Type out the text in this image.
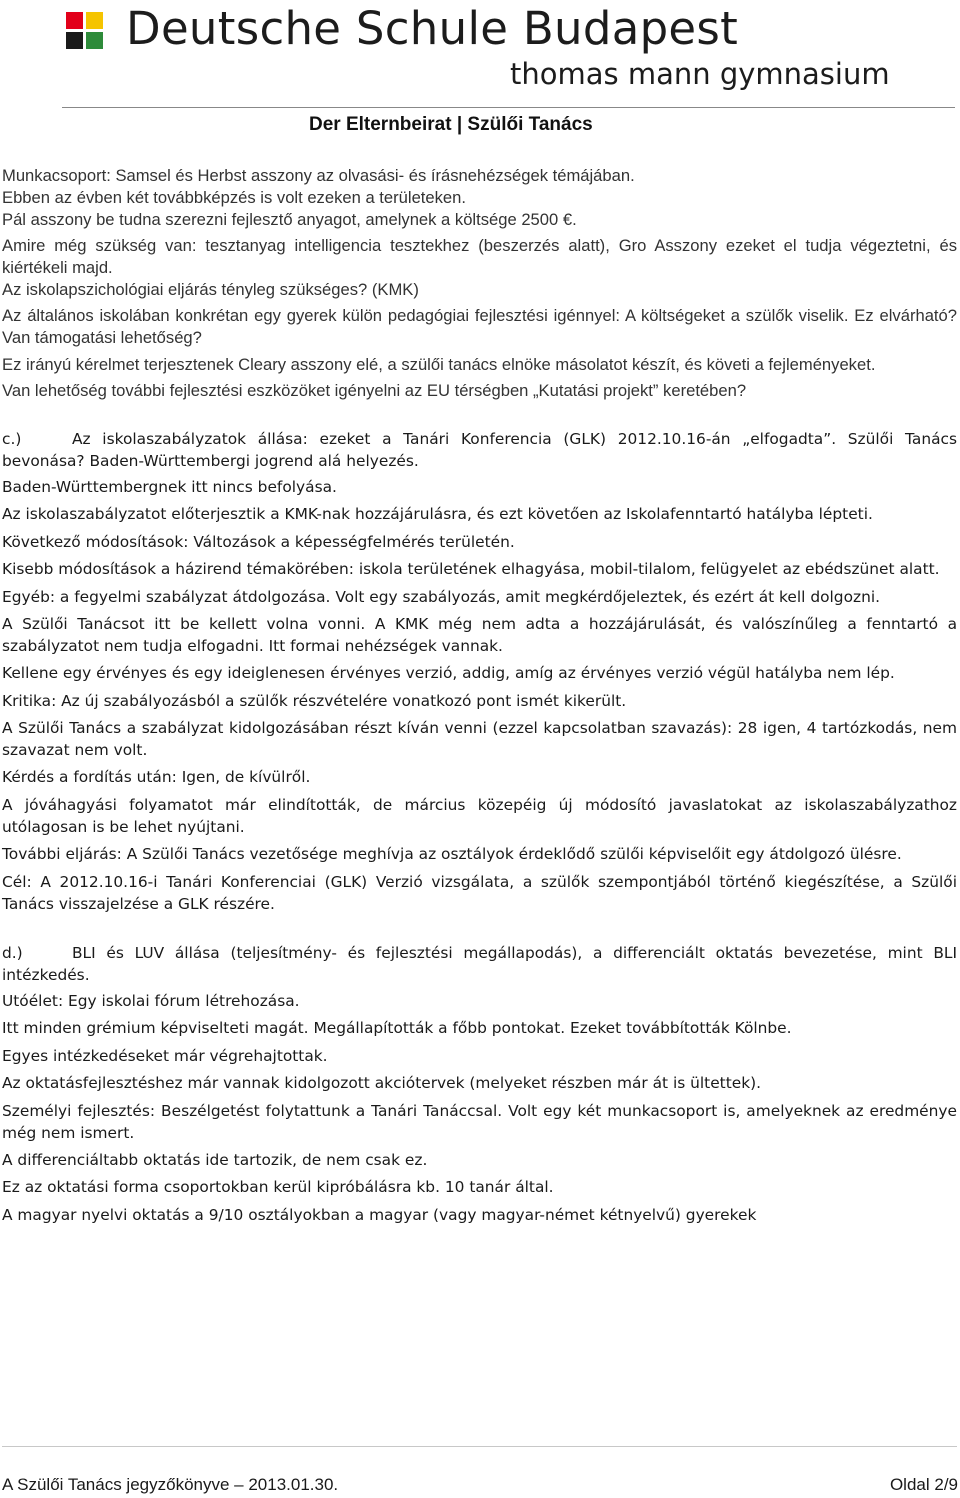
Deutsche Schule Budapest
thomas mann gymnasium
Der Elternbeirat | Szülői Tanács

Munkacsoport: Samsel és Herbst asszony az olvasási- és írásnehézségek témájában.

Ebben az évben két továbbképzés is volt ezeken a területeken.

Pál asszony be tudna szerezni fejlesztő anyagot, amelynek a költsége 2500 €.

Amire még szükség van: tesztanyag intelligencia tesztekhez (beszerzés alatt), Gro Asszony ezeket el tudja végeztetni, és kiértékeli majd.

Az iskolapszichológiai eljárás tényleg szükséges? (KMK)

Az általános iskolában konkrétan egy gyerek külön pedagógiai fejlesztési igénnyel: A költségeket a szülők viselik. Ez elvárható? Van támogatási lehetőség?

Ez irányú kérelmet terjesztenek Cleary asszony elé, a szülői tanács elnöke másolatot készít, és követi a fejleményeket.

Van lehetőség további fejlesztési eszközöket igényelni az EU térségben „Kutatási projekt” keretében?

c.)	Az iskolaszabályzatok állása: ezeket a Tanári Konferencia (GLK) 2012.10.16-án „elfogadta”. Szülői Tanács bevonása? Baden-Württembergi jogrend alá helyezés.

Baden-Württembergnek itt nincs befolyása.

Az iskolaszabályzatot előterjesztik a KMK-nak hozzájárulásra, és ezt követően az Iskolafenntartó hatályba lépteti.

Következő módosítások: Változások a képességfelmérés területén.

Kisebb módosítások a házirend témakörében: iskola területének elhagyása, mobil-tilalom, felügyelet az ebédszünet alatt.

Egyéb: a fegyelmi szabályzat átdolgozása. Volt egy szabályozás, amit megkérdőjeleztek, és ezért át kell dolgozni.

A Szülői Tanácsot itt be kellett volna vonni. A KMK még nem adta a hozzájárulását, és valószínűleg a fenntartó a szabályzatot nem tudja elfogadni. Itt formai nehézségek vannak.

Kellene egy érvényes és egy ideiglenesen érvényes verzió, addig, amíg az érvényes verzió végül hatályba nem lép.

Kritika: Az új szabályozásból a szülők részvételére vonatkozó pont ismét kikerült.

A Szülői Tanács a szabályzat kidolgozásában részt kíván venni (ezzel kapcsolatban szavazás): 28 igen, 4 tartózkodás, nem szavazat nem volt.

Kérdés a fordítás után: Igen, de kívülről.

A jóváhagyási folyamatot már elindították, de március közepéig új módosító javaslatokat az iskolaszabályzathoz utólagosan is be lehet nyújtani.

További eljárás: A Szülői Tanács vezetősége meghívja az osztályok érdeklődő szülői képviselőit egy átdolgozó ülésre.

Cél: A 2012.10.16-i Tanári Konferenciai (GLK) Verzió vizsgálata, a szülők szempontjából történő kiegészítése, a Szülői Tanács visszajelzése a GLK részére.

d.)	BLI és LUV állása (teljesítmény- és fejlesztési megállapodás), a differenciált oktatás bevezetése, mint BLI intézkedés.

Utóélet: Egy iskolai fórum létrehozása.

Itt minden grémium képviselteti magát. Megállapították a főbb pontokat. Ezeket továbbították Kölnbe.

Egyes intézkedéseket már végrehajtottak.

Az oktatásfejlesztéshez már vannak kidolgozott akciótervek (melyeket részben már át is ültettek).

Személyi fejlesztés: Beszélgetést folytattunk a Tanári Tanáccsal. Volt egy két munkacsoport is, amelyeknek az eredménye még nem ismert.

A differenciáltabb oktatás ide tartozik, de nem csak ez.

Ez az oktatási forma csoportokban kerül kipróbálásra kb. 10 tanár által.

A magyar nyelvi oktatás a 9/10 osztályokban a magyar (vagy magyar-német kétnyelvű) gyerekek

A Szülői Tanács jegyzőkönyve – 2013.01.30.	Oldal 2/9
